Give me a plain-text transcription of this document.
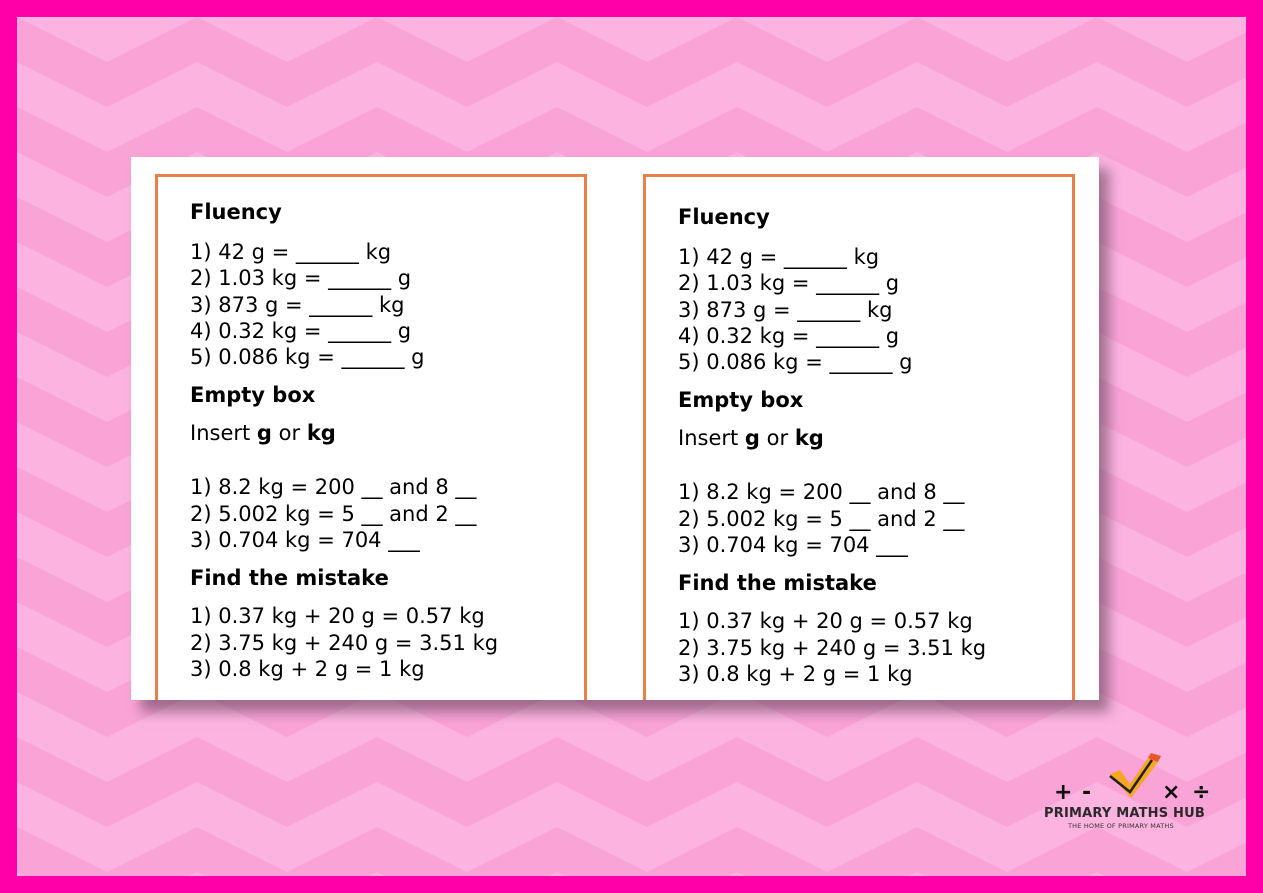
Fluency

1) 42 g = ______ kg

2) 1.03 kg = ______ g

3) 873 g = ______ kg

4) 0.32 kg = ______ g

5) 0.086 kg = ______ g

Empty box

Insert g or kg

1) 8.2 kg = 200 __ and 8 __

2) 5.002 kg = 5 __ and 2 __

3) 0.704 kg = 704 ___

Find the mistake

1) 0.37 kg + 20 g = 0.57 kg

2) 3.75 kg + 240 g = 3.51 kg

3) 0.8 kg + 2 g = 1 kg

Fluency

1) 42 g = ______ kg

2) 1.03 kg = ______ g

3) 873 g = ______ kg

4) 0.32 kg = ______ g

5) 0.086 kg = ______ g

Empty box

Insert g or kg

1) 8.2 kg = 200 __ and 8 __

2) 5.002 kg = 5 __ and 2 __

3) 0.704 kg = 704 ___

Find the mistake

1) 0.37 kg + 20 g = 0.57 kg

2) 3.75 kg + 240 g = 3.51 kg

3) 0.8 kg + 2 g = 1 kg

+ -	× ÷
PRIMARY MATHS HUB
THE HOME OF PRIMARY MATHS
